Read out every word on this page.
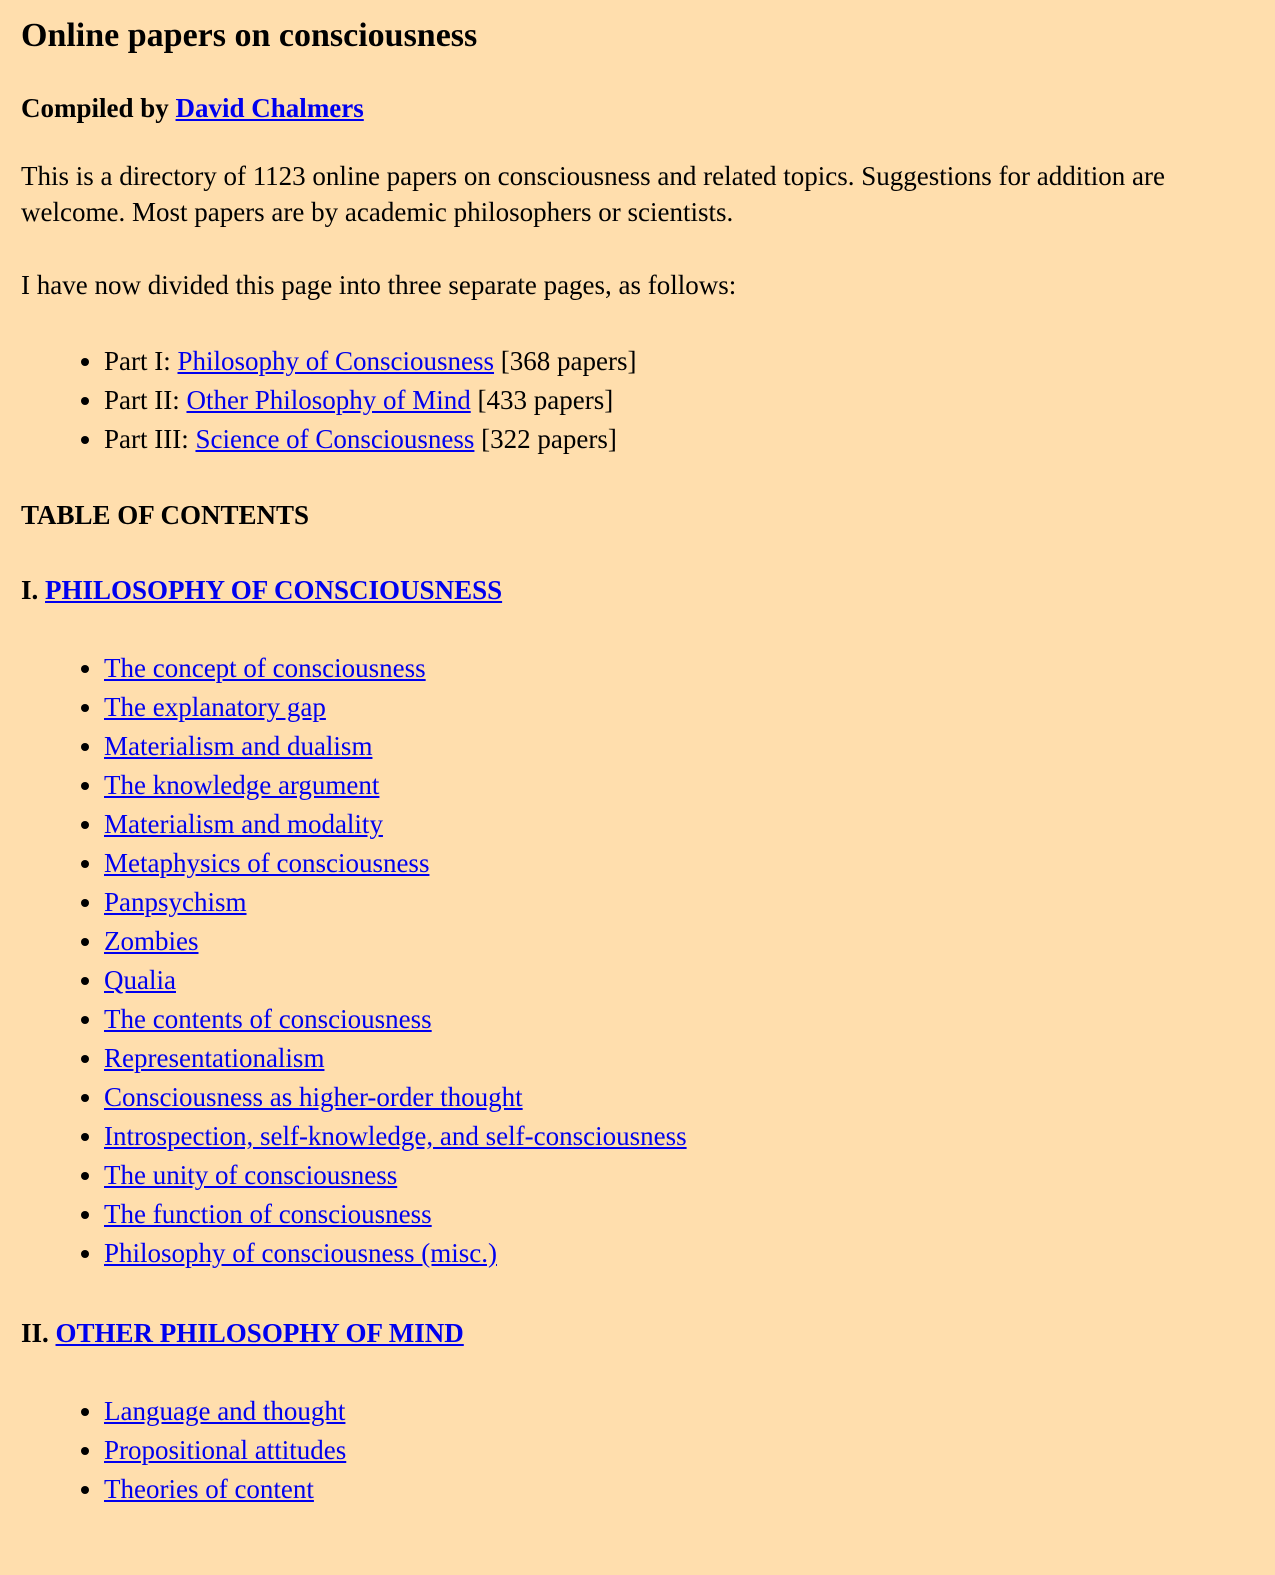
Online papers on consciousness

Compiled by David Chalmers

This is a directory of 1123 online papers on consciousness and related topics. Suggestions for addition are welcome. Most papers are by academic philosophers or scientists.

I have now divided this page into three separate pages, as follows:

• Part I: Philosophy of Consciousness [368 papers]
• Part II: Other Philosophy of Mind [433 papers]
• Part III: Science of Consciousness [322 papers]

TABLE OF CONTENTS

I. PHILOSOPHY OF CONSCIOUSNESS

• The concept of consciousness
• The explanatory gap
• Materialism and dualism
• The knowledge argument
• Materialism and modality
• Metaphysics of consciousness
• Panpsychism
• Zombies
• Qualia
• The contents of consciousness
• Representationalism
• Consciousness as higher-order thought
• Introspection, self-knowledge, and self-consciousness
• The unity of consciousness
• The function of consciousness
• Philosophy of consciousness (misc.)

II. OTHER PHILOSOPHY OF MIND

• Language and thought
• Propositional attitudes
• Theories of content
